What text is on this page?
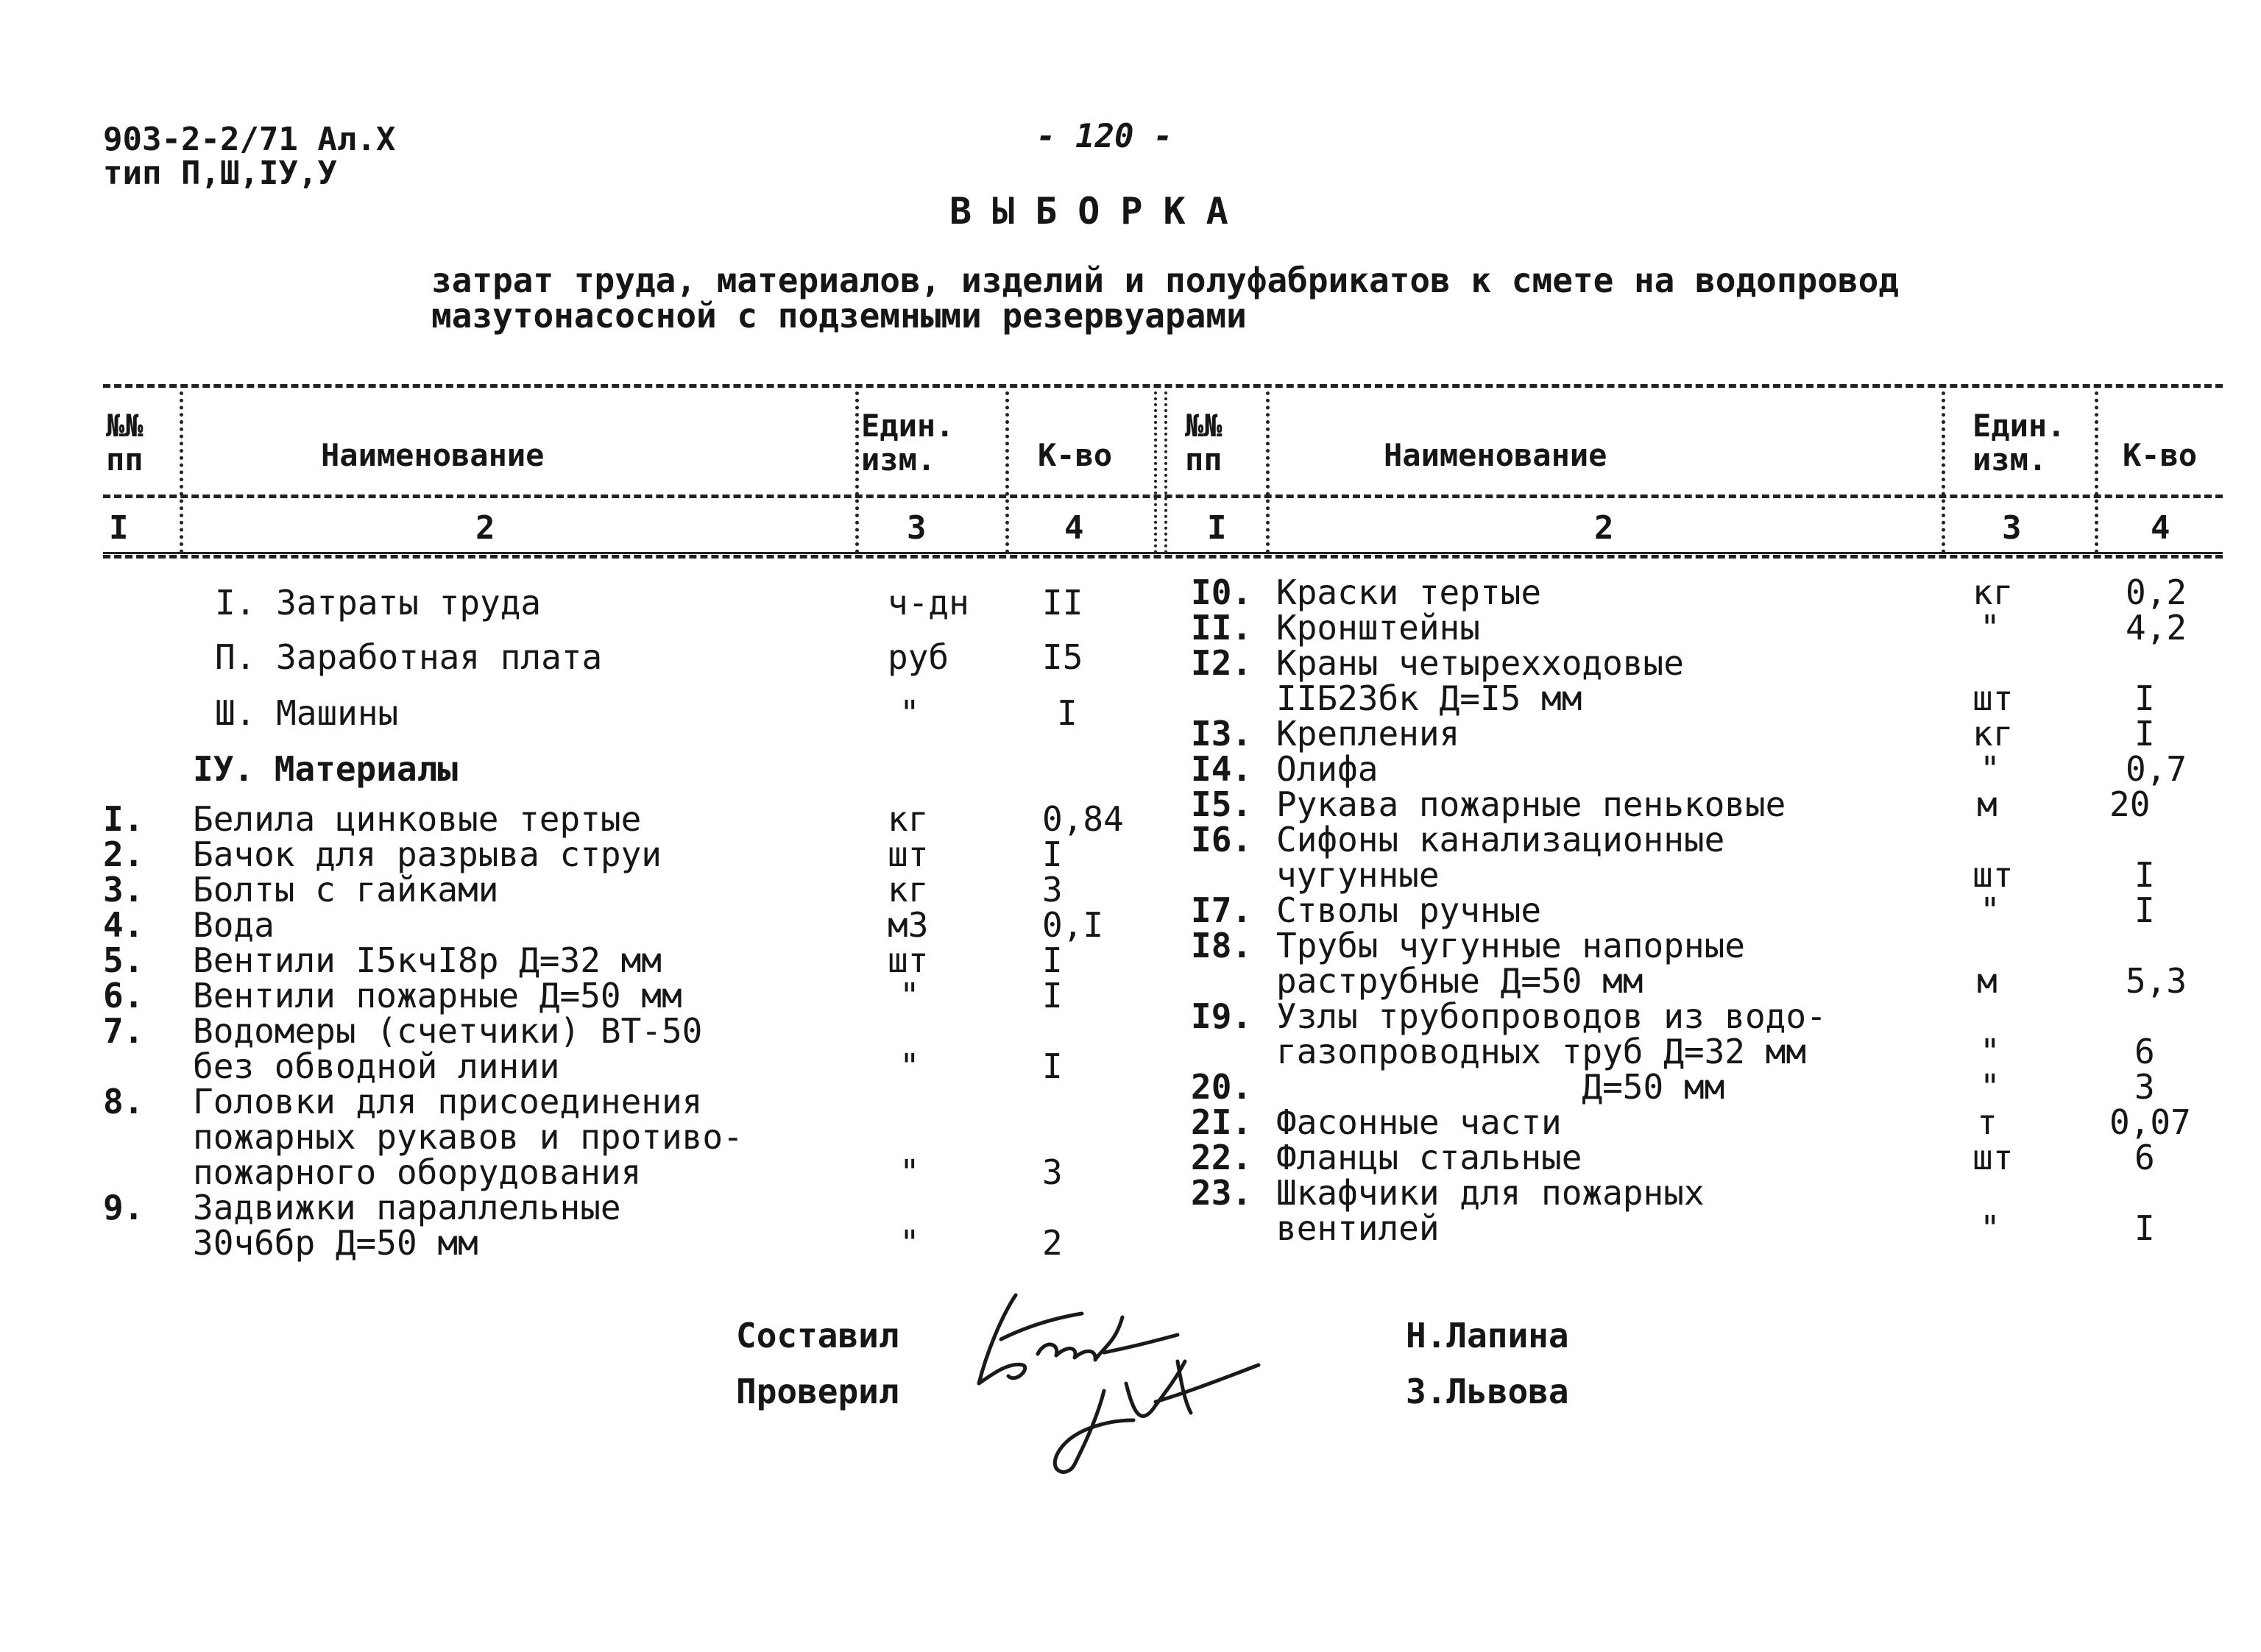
903-2-2/71 Ал.Х
тип П,Ш,IУ,У
- 120 -
ВЫБОРКА
затрат труда, материалов, изделий и полуфабрикатов к смете на водопровод
мазутонасосной с подземными резервуарами
№№
пп	Наименование
Един.
изм.	К-во
№№
пп	Наименование
Един.
изм.	К-во
I	2	3	4	I	2	3	4
I. Затраты труда	ч-дн II
П. Заработная плата	руб	I5
Ш. Машины	"	I
IУ. Материалы
I. Белила цинковые тертые	кг	0,84
2. Бачок для разрыва струи	шт	I
3. Болты с гайками	кг	3
4. Вода	м3	0,I
5. Вентили I5кчI8р Д=32 мм	шт	I
6. Вентили пожарные Д=50 мм	"	I
7. Водомеры (счетчики) ВТ-50
без обводной линии	"	I
8. Головки для присоединения
пожарных рукавов и противо-
пожарного оборудования	"	3
9. Задвижки параллельные
30ч6бр Д=50 мм	"	2
I0. Краски тертые	кг	0,2
II. Кронштейны	"	4,2
I2. Краны четырехходовые
IIБ23бк Д=I5 мм	шт	I
I3. Крепления	кг	I
I4. Олифа	"	0,7
I5. Рукава пожарные пеньковые	м	20
I6. Сифоны канализационные
чугунные	шт	I
I7. Стволы ручные	"	I
I8. Трубы чугунные напорные
раструбные Д=50 мм	м	5,3
I9. Узлы трубопроводов из водо-
газопроводных труб Д=32 мм	"	6
20. Д=50 мм	"	3
2I. Фасонные части	т	0,07
22. Фланцы стальные	шт	6
23. Шкафчики для пожарных
вентилей	"	I
Составил
Проверил
Н.Лапина
З.Львова
